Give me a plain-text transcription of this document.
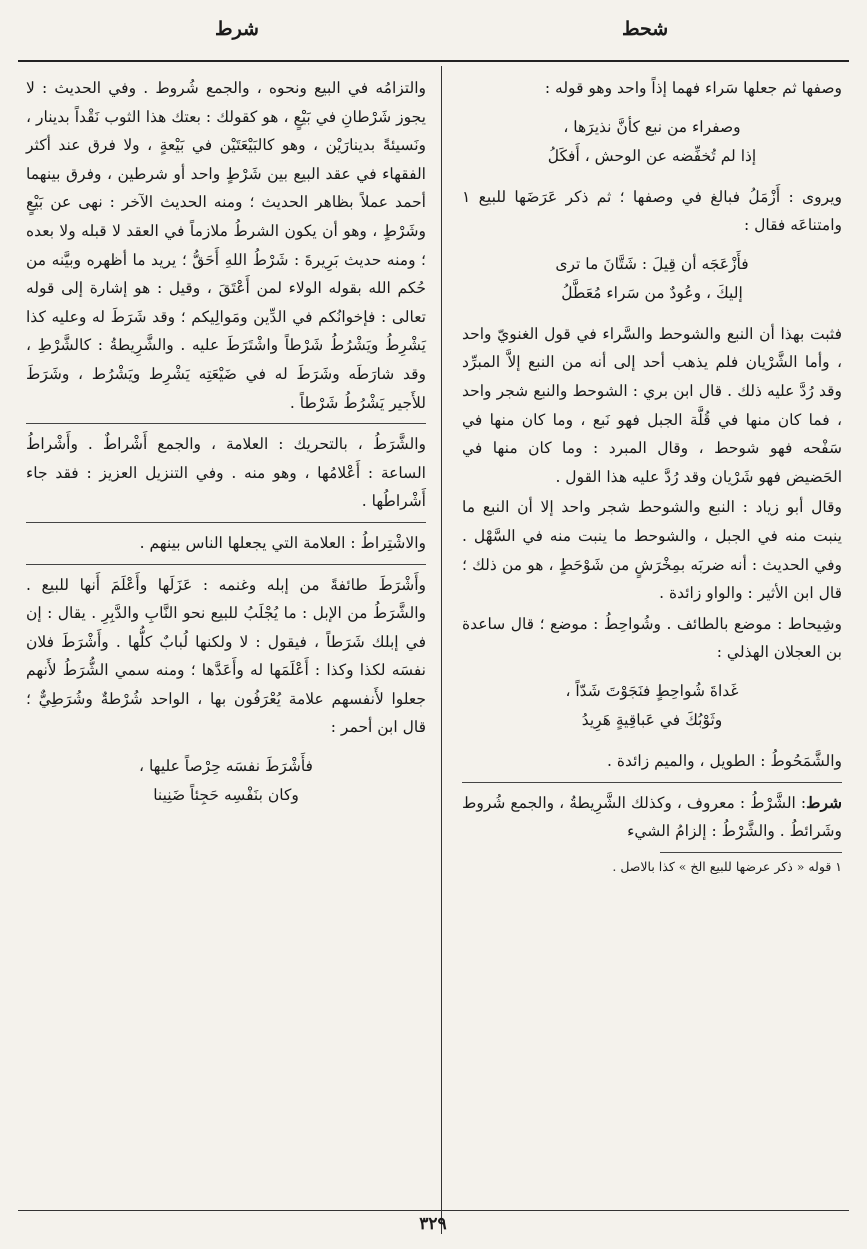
شرط	شحط

وصفها ثم جعلها سَراء فهما إذاً واحد وهو قوله :

وصفراء من نبع كأنَّ نذيرَها ،
إذا لم تُخفِّضه عن الوحش ، أَفكَلُ

ويروى : أَزْمَلُ فبالغ في وصفها ؛ ثم ذكر عَرَضَها للبيع ١ وامتناعَه فقال :

فأَزْعَجَه أن قِيلَ : شَتَّانَ ما ترى
إليكَ ، وعُودٌ من سَراء مُعَطَّلُ

فثبت بهذا أن النبع والشوحط والسَّراء في قول الغنويّ واحد ، وأما الشَّرْيان فلم يذهب أحد إلى أنه من النبع إلاَّ المبرِّد وقد رُدَّ عليه ذلك . قال ابن بري : الشوحط والنبع شجر واحد ، فما كان منها في قُلَّة الجبل فهو نَبع ، وما كان منها في سَفْحه فهو شوحط ، وقال المبرد : وما كان منها في الحَضيض فهو شَرْيان وقد رُدَّ عليه هذا القول .

وقال أبو زياد : النبع والشوحط شجر واحد إلا أن النبع ما ينبت منه في الجبل ، والشوحط ما ينبت منه في السَّهْل . وفي الحديث : أنه ضربَه بمِخْرَشٍ من شَوْحَطٍ ، هو من ذلك ؛ قال ابن الأثير : والواو زائدة .

وشِيحاط : موضع بالطائف . وشُواحِطُ : موضع ؛ قال ساعدة بن العجلان الهذلي :

غَداةَ شُواحِطٍ فنَجَوْتَ شَدّاً ،
وثَوْبُكَ في عَباقِيةٍ هَرِيدُ

والشَّمَحُوطُ : الطويل ، والميم زائدة .

شرط: الشَّرْطُ : معروف ، وكذلك الشَّرِيطةُ ، والجمع شُروط وشَرائطُ . والشَّرْطُ : إلزامُ الشيء

١ قوله « ذكر عرضها للبيع الخ » كذا بالاصل .

والتزامُه في البيع ونحوه ، والجمع شُروط . وفي الحديث : لا يجوز شَرْطانِ في بَيْعٍ ، هو كقولك : بعتك هذا الثوب نَقْداً بدينار ، ونَسيئةً بدينارَيْن ، وهو كالبَيْعَتَيْن في بَيْعةٍ ، ولا فرق عند أكثر الفقهاء في عقد البيع بين شَرْطٍ واحد أو شرطين ، وفرق بينهما أحمد عملاً بظاهر الحديث ؛ ومنه الحديث الآخر : نهى عن بَيْعٍ وشَرْطٍ ، وهو أن يكون الشرطُ ملازماً في العقد لا قبله ولا بعده ؛ ومنه حديث بَرِيرةَ : شَرْطُ اللهِ أَحَقُّ ؛ يريد ما أظهره وبيَّنه من حُكم الله بقوله الولاء لمن أَعْتَقَ ، وقيل : هو إشارة إلى قوله تعالى : فإخوانُكم في الدِّين ومَوالِيكم ؛ وقد شَرَطَ له وعليه كذا يَشْرِطُ ويَشْرُطُ شَرْطاً واشْتَرَطَ عليه . والشَّرِيطةُ : كالشَّرْطِ ، وقد شارَطَه وشَرَطَ له في ضَيْعَتِه يَشْرِط ويَشْرُط ، وشَرَطَ للأَجير يَشْرُطُ شَرْطاً .

والشَّرَطُ ، بالتحريك : العلامة ، والجمع أَشْراطٌ . وأَشْراطُ الساعة : أَعْلامُها ، وهو منه . وفي التنزيل العزيز : فقد جاء أَشْراطُها .

والاشْتِراطُ : العلامة التي يجعلها الناس بينهم .

وأَشْرَطَ طائفةً من إبله وغنمه : عَزَلَها وأَعْلَمَ أَنها للبيع . والشَّرَطُ من الإبل : ما يُجْلَبُ للبيع نحو النَّابِ والدَّبِرِ . يقال : إن في إبلك شَرَطاً ، فيقول : لا ولكنها لُبابٌ كلُّها . وأَشْرَطَ فلان نفسَه لكذا وكذا : أَعْلَمَها له وأَعَدَّها ؛ ومنه سمي الشُّرَطُ لأَنهم جعلوا لأَنفسهم علامة يُعْرَفُون بها ، الواحد شُرْطةٌ وشُرَطِيٌّ ؛ قال ابن أحمر :

فأَشْرَطَ نفسَه حِرْصاً عليها ،
وكان بنَفْسِه حَجِئاً ضَنِينا
٣٢٩
